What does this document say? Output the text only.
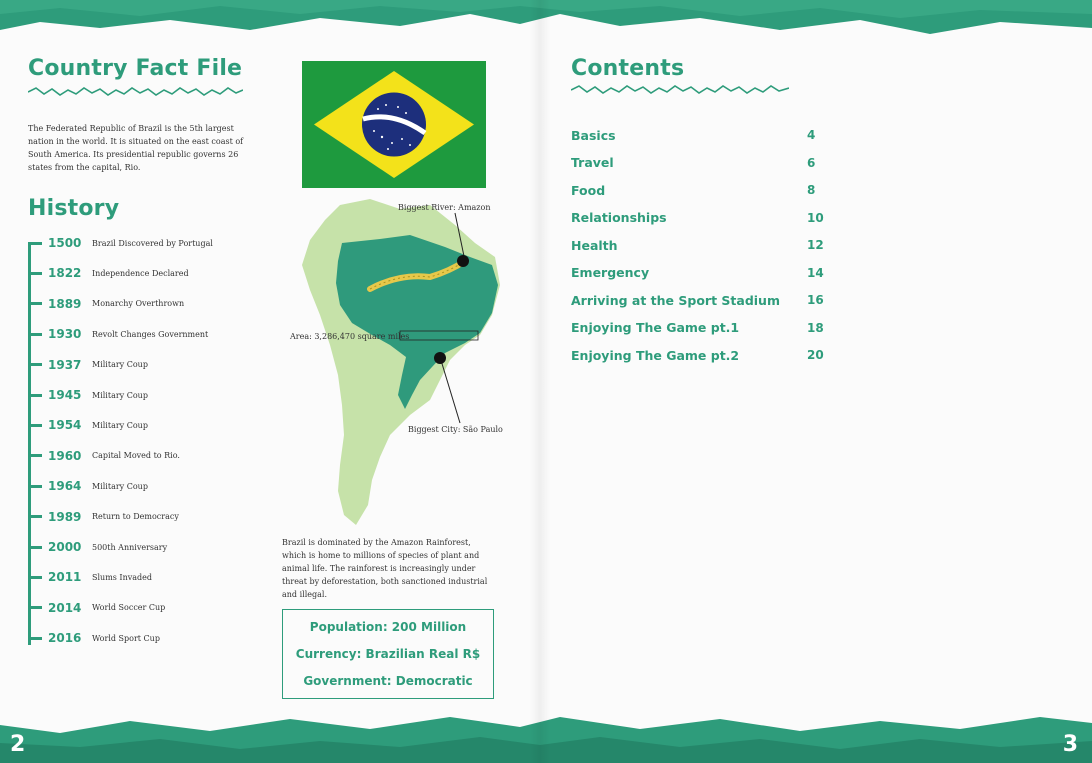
Country Fact File
The Federated Republic of Brazil is the 5th largest nation in the world. It is situated on the east coast of South America. Its presidential republic governs 26 states from the capital, Rio.
History
1500	Brazil Discovered by Portugal
1822	Independence Declared
1889	Monarchy Overthrown
1930	Revolt Changes Government
1937	Military Coup
1945	Military Coup
1954	Military Coup
1960	Capital Moved to Rio.
1964	Military Coup
1989	Return to Democracy
2000	500th Anniversary
2011	Slums Invaded
2014	World Soccer Cup
2016	World Sport Cup
Biggest River: Amazon
Area: 3,286,470 square miles
Biggest City: São Paulo
Brazil is dominated by the Amazon Rainforest, which is home to millions of species of plant and animal life. The rainforest is increasingly under threat by deforestation, both sanctioned industrial and illegal.
Population: 200 Million
Currency: Brazilian Real R$
Government: Democratic
2
Contents
Basics	4
Travel	6
Food	8
Relationships	10
Health	12
Emergency	14
Arriving at the Sport Stadium 16
Enjoying The Game pt.1	18
Enjoying The Game pt.2	20
3
